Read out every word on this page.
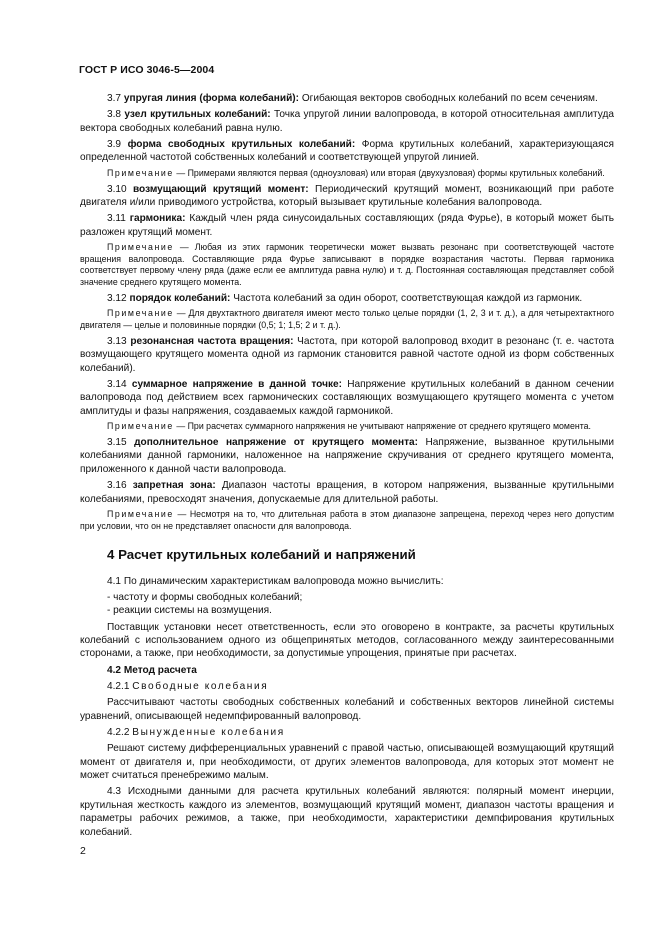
ГОСТ Р ИСО 3046-5—2004

3.7 упругая линия (форма колебаний): Огибающая векторов свободных колебаний по всем сечениям.

3.8 узел крутильных колебаний: Точка упругой линии валопровода, в которой относительная амплитуда вектора свободных колебаний равна нулю.

3.9 форма свободных крутильных колебаний: Форма крутильных колебаний, характеризующаяся определенной частотой собственных колебаний и соответствующей упругой линией.

Примечание — Примерами являются первая (одноузловая) или вторая (двухузловая) формы крутильных колебаний.

3.10 возмущающий крутящий момент: Периодический крутящий момент, возникающий при работе двигателя и/или приводимого устройства, который вызывает крутильные колебания валопровода.

3.11 гармоника: Каждый член ряда синусоидальных составляющих (ряда Фурье), в который может быть разложен крутящий момент.

Примечание — Любая из этих гармоник теоретически может вызвать резонанс при соответствующей частоте вращения валопровода. Составляющие ряда Фурье записывают в порядке возрастания частоты. Первая гармоника соответствует первому члену ряда (даже если ее амплитуда равна нулю) и т. д. Постоянная составляющая представляет собой значение среднего крутящего момента.

3.12 порядок колебаний: Частота колебаний за один оборот, соответствующая каждой из гармоник.

Примечание — Для двухтактного двигателя имеют место только целые порядки (1, 2, 3 и т. д.), а для четырехтактного двигателя — целые и половинные порядки (0,5; 1; 1,5; 2 и т. д.).

3.13 резонансная частота вращения: Частота, при которой валопровод входит в резонанс (т. е. частота возмущающего крутящего момента одной из гармоник становится равной частоте одной из форм собственных колебаний).

3.14 суммарное напряжение в данной точке: Напряжение крутильных колебаний в данном сечении валопровода под действием всех гармонических составляющих возмущающего крутящего момента с учетом амплитуды и фазы напряжения, создаваемых каждой гармоникой.

Примечание — При расчетах суммарного напряжения не учитывают напряжение от среднего крутящего момента.

3.15 дополнительное напряжение от крутящего момента: Напряжение, вызванное крутильными колебаниями данной гармоники, наложенное на напряжение скручивания от среднего крутящего момента, приложенного к данной части валопровода.

3.16 запретная зона: Диапазон частоты вращения, в котором напряжения, вызванные крутильными колебаниями, превосходят значения, допускаемые для длительной работы.

Примечание — Несмотря на то, что длительная работа в этом диапазоне запрещена, переход через него допустим при условии, что он не представляет опасности для валопровода.

4 Расчет крутильных колебаний и напряжений

4.1 По динамическим характеристикам валопровода можно вычислить:

- частоту и формы свободных колебаний;

- реакции системы на возмущения.

Поставщик установки несет ответственность, если это оговорено в контракте, за расчеты крутильных колебаний с использованием одного из общепринятых методов, согласованного между заинтересованными сторонами, а также, при необходимости, за допустимые упрощения, принятые при расчетах.

4.2 Метод расчета

4.2.1 Свободные колебания

Рассчитывают частоты свободных собственных колебаний и собственных векторов линейной системы уравнений, описывающей недемпфированный валопровод.

4.2.2 Вынужденные колебания

Решают систему дифференциальных уравнений с правой частью, описывающей возмущающий крутящий момент от двигателя и, при необходимости, от других элементов валопровода, для которых этот момент не может считаться пренебрежимо малым.

4.3 Исходными данными для расчета крутильных колебаний являются: полярный момент инерции, крутильная жесткость каждого из элементов, возмущающий крутящий момент, диапазон частоты вращения и параметры рабочих режимов, а также, при необходимости, характеристики демпфирования крутильных колебаний.

2
